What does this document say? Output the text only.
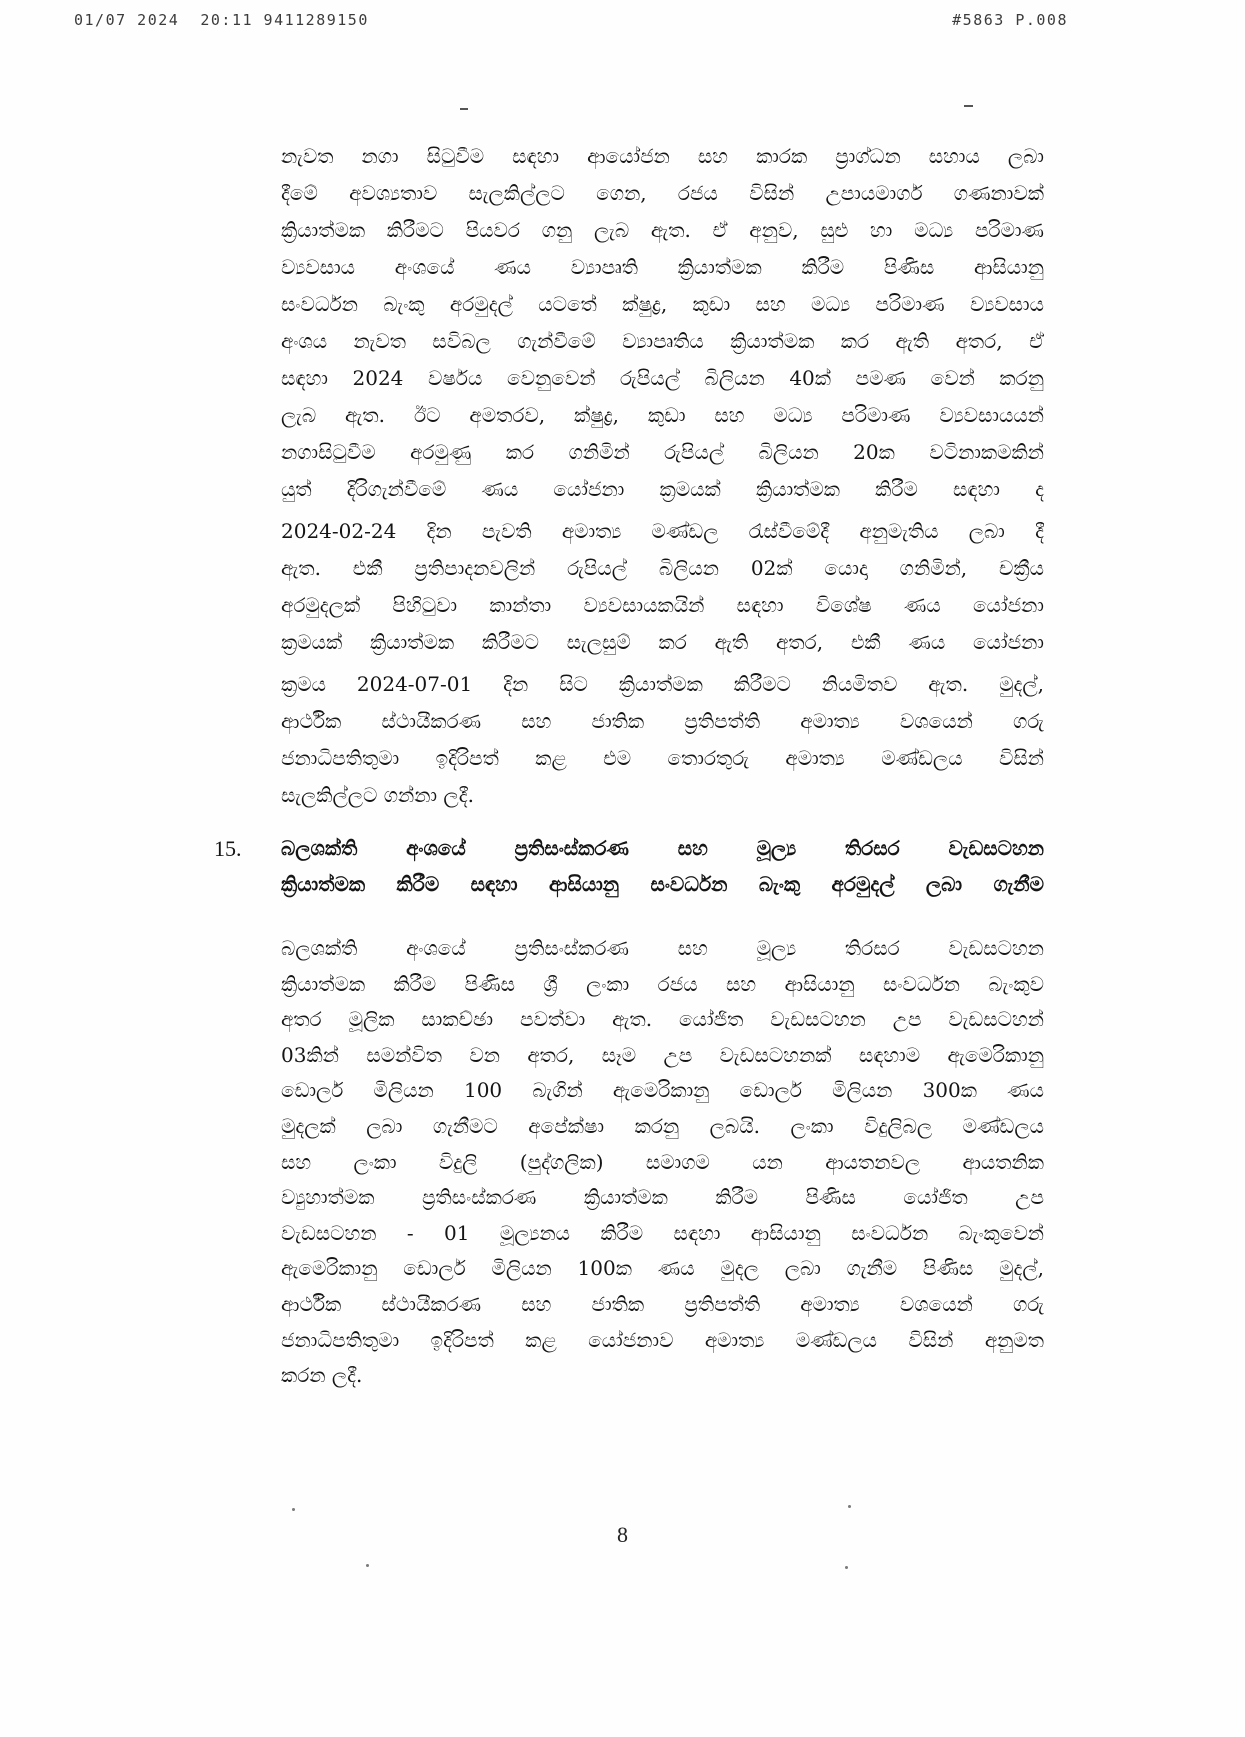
01/07 2024  20:11 9411289150	#5863 P.008
නැවත නගා සිටුවීම සඳහා ආයෝජන සහ කාරක ප්‍රාග්ධන සහාය ලබා
දීමේ අවශ්‍යතාව සැලකිල්ලට ගෙන, රජය විසින් උපායමාර්ග ගණනාවක්
ක්‍රියාත්මක කිරීමට පියවර ගනු ලැබ ඇත. ඒ අනුව, සුළු හා මධ්‍ය පරිමාණ
ව්‍යවසාය අංශයේ ණය ව්‍යාපෘති ක්‍රියාත්මක කිරීම පිණිස ආසියානු
සංවර්ධන බැංකු අරමුදල් යටතේ ක්ෂුද්‍ර, කුඩා සහ මධ්‍ය පරිමාණ ව්‍යවසාය
අංශය නැවත සවිබල ගැන්වීමේ ව්‍යාපෘතිය ක්‍රියාත්මක කර ඇති අතර, ඒ
සඳහා 2024 වර්ෂය වෙනුවෙන් රුපියල් බිලියන 40ක් පමණ වෙන් කරනු
ලැබ ඇත. ඊට අමතරව, ක්ෂුද්‍ර, කුඩා සහ මධ්‍ය පරිමාණ ව්‍යවසායයන්
නගාසිටුවීම අරමුණු කර ගනිමින් රුපියල් බිලියන 20ක වටිනාකමකින්
යුත් දිරිගැන්වීමේ ණය යෝජනා ක්‍රමයක් ක්‍රියාත්මක කිරීම සඳහා ද
2024-02-24 දින පැවති අමාත්‍ය මණ්ඩල රැස්වීමේදී අනුමැතිය ලබා දී
ඇත. එකී ප්‍රතිපාදනවලින් රුපියල් බිලියන 02ක් යොදා ගනිමින්, චක්‍රීය
අරමුදලක් පිහිටුවා කාන්තා ව්‍යවසායකයින් සඳහා විශේෂ ණය යෝජනා
ක්‍රමයක් ක්‍රියාත්මක කිරීමට සැලසුම් කර ඇති අතර, එකී ණය යෝජනා
ක්‍රමය 2024-07-01 දින සිට ක්‍රියාත්මක කිරීමට නියමිතව ඇත. මුදල්,
ආර්ථික ස්ථායීකරණ සහ ජාතික ප්‍රතිපත්ති අමාත්‍ය වශයෙන් ගරු
ජනාධිපතිතුමා ඉදිරිපත් කළ එම තොරතුරු අමාත්‍ය මණ්ඩලය විසින්
සැලකිල්ලට ගන්නා ලදී.
15.	බලශක්ති අංශයේ ප්‍රතිසංස්කරණ සහ මූල්‍ය තිරසර වැඩසටහන
ක්‍රියාත්මක කිරීම සඳහා ආසියානු සංවර්ධන බැංකු අරමුදල් ලබා ගැනීම
බලශක්ති අංශයේ ප්‍රතිසංස්කරණ සහ මූල්‍ය තිරසර වැඩසටහන
ක්‍රියාත්මක කිරීම පිණිස ශ්‍රී ලංකා රජය සහ ආසියානු සංවර්ධන බැංකුව
අතර මූලික සාකච්ඡා පවත්වා ඇත. යෝජිත වැඩසටහන උප වැඩසටහන්
03කින් සමන්විත වන අතර, සෑම උප වැඩසටහනක් සඳහාම ඇමෙරිකානු
ඩොලර් මිලියන 100 බැගින් ඇමෙරිකානු ඩොලර් මිලියන 300ක ණය
මුදලක් ලබා ගැනීමට අපේක්ෂා කරනු ලබයි. ලංකා විදුලිබල මණ්ඩලය
සහ ලංකා විදුලි (පුද්ගලික) සමාගම යන ආයතනවල ආයතනික
ව්‍යුහාත්මක ප්‍රතිසංස්කරණ ක්‍රියාත්මක කිරීම පිණිස යෝජිත උප
වැඩසටහන - 01 මූල්‍යනය කිරීම සඳහා ආසියානු සංවර්ධන බැංකුවෙන්
ඇමෙරිකානු ඩොලර් මිලියන 100ක ණය මුදල ලබා ගැනීම පිණිස මුදල්,
ආර්ථික ස්ථායීකරණ සහ ජාතික ප්‍රතිපත්ති අමාත්‍ය වශයෙන් ගරු
ජනාධිපතිතුමා ඉදිරිපත් කළ යෝජනාව අමාත්‍ය මණ්ඩලය විසින් අනුමත
කරන ලදී.
8
